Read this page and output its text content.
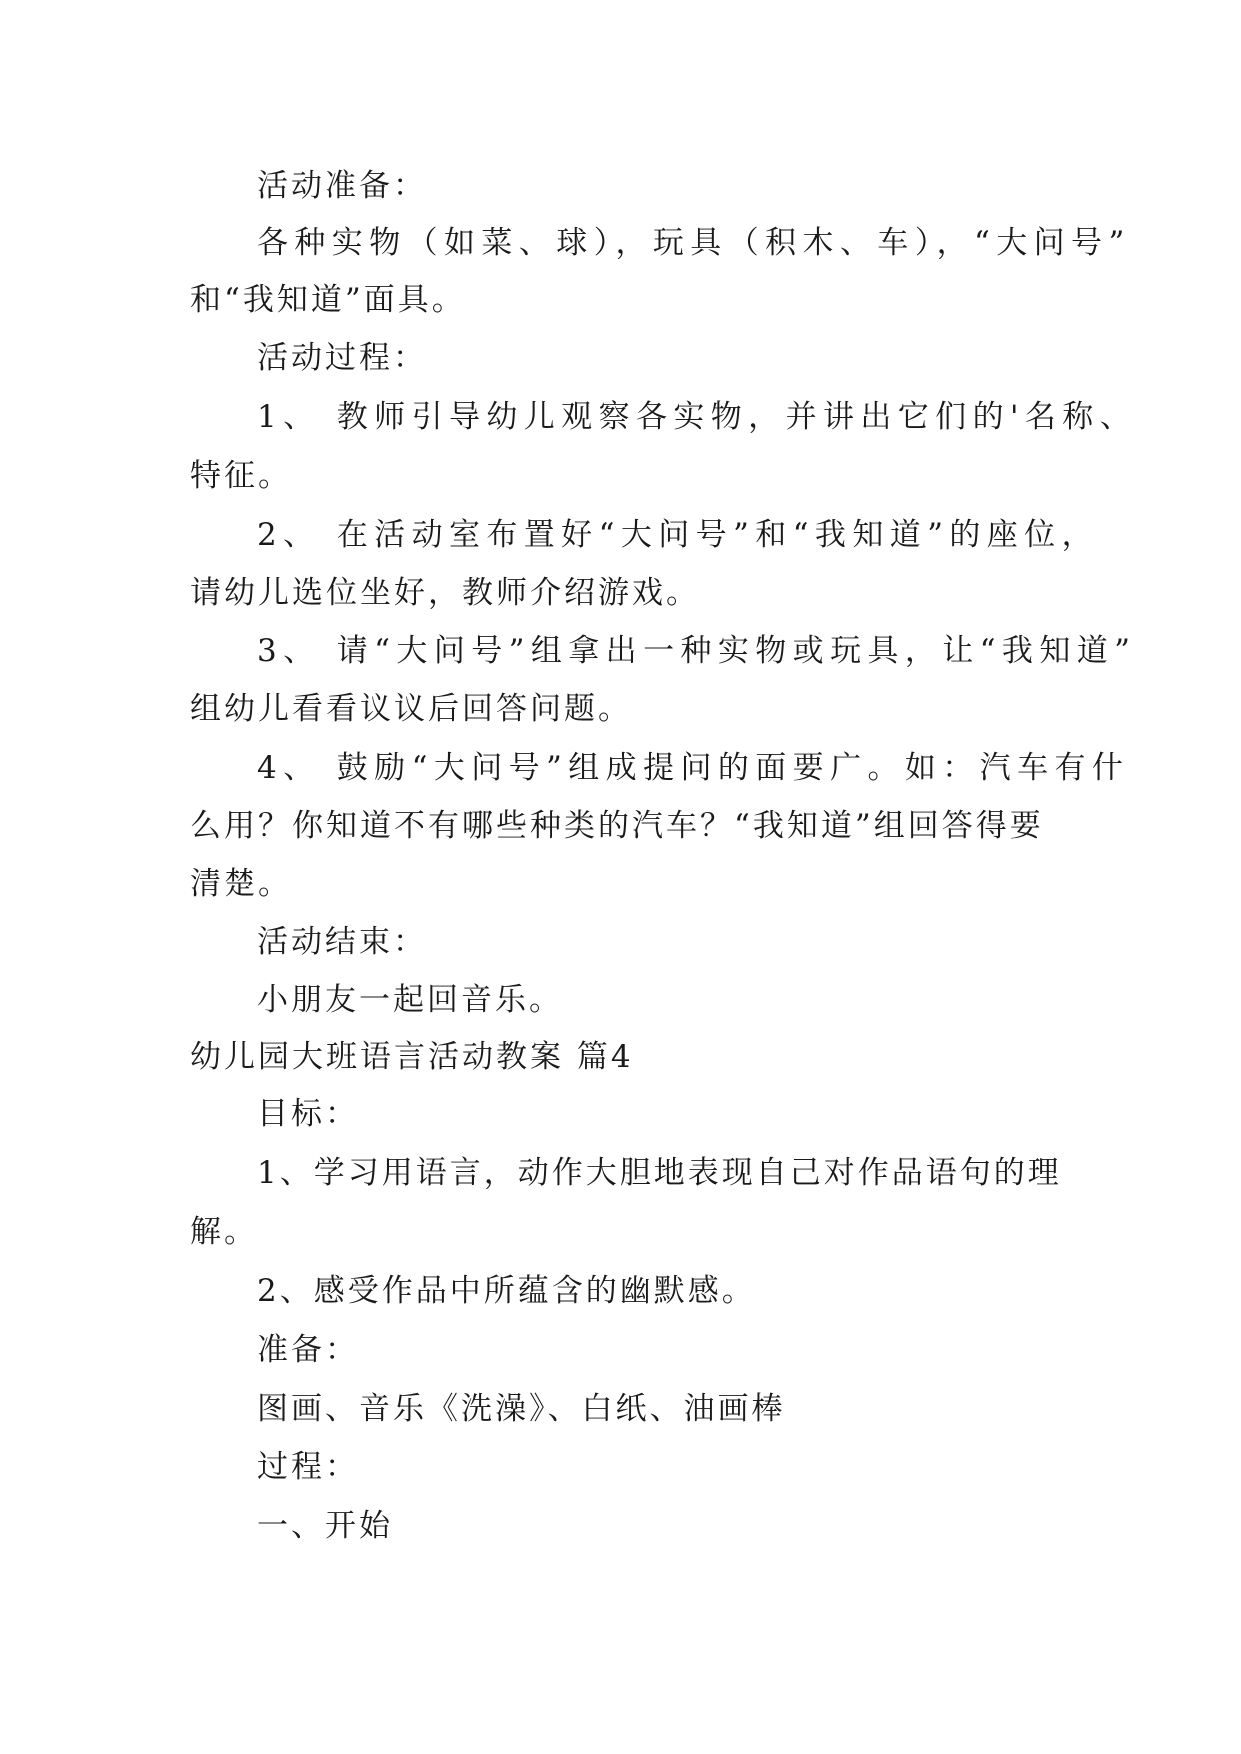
活动准备：

各种实物（如菜、球），玩具（积木、车），“大问号”

和“我知道”面具。

活动过程：

1、 教师引导幼儿观察各实物，并讲出它们的'名称、

特征。

2、 在活动室布置好“大问号”和“我知道”的座位，

请幼儿选位坐好，教师介绍游戏。

3、 请“大问号”组拿出一种实物或玩具，让“我知道”

组幼儿看看议议后回答问题。

4、 鼓励“大问号”组成提问的面要广。如：汽车有什

么用？你知道不有哪些种类的汽车？“我知道”组回答得要

清楚。

活动结束：

小朋友一起回音乐。

幼儿园大班语言活动教案 篇4

目标：

1、学习用语言，动作大胆地表现自己对作品语句的理

解。

2、感受作品中所蕴含的幽默感。

准备：

图画、音乐《洗澡》、白纸、油画棒

过程：

一、开始
